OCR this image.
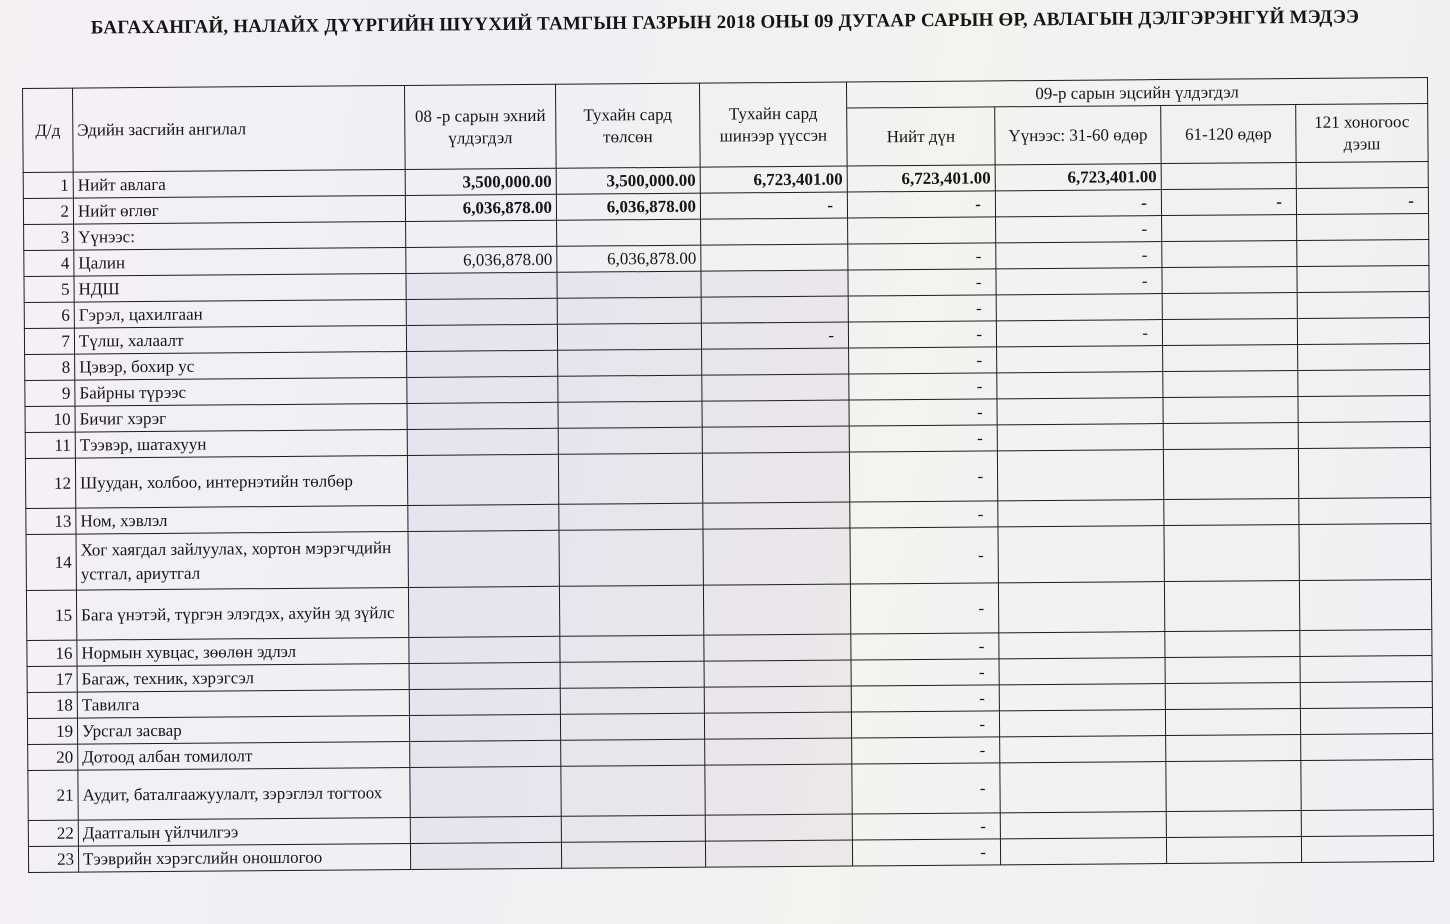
БАГАХАНГАЙ, НАЛАЙХ ДҮҮРГИЙН ШҮҮХИЙ ТАМГЫН ГАЗРЫН 2018 ОНЫ 09 ДУГААР САРЫН ӨР, АВЛАГЫН ДЭЛГЭРЭНГҮЙ МЭДЭЭ
Д/д	Эдийн засгийн ангилал	08 -р сарын эхний үлдэгдэл	Тухайн сард төлсөн	Тухайн сард шинээр үүссэн	09-р сарын эцсийн үлдэгдэл			
					Нийт дүн	Үүнээс: 31-60 өдөр	61-120 өдөр	121 хоногоос дээш
1	Нийт авлага	3,500,000.00	3,500,000.00	6,723,401.00	6,723,401.00	6,723,401.00		
2	Нийт өглөг	6,036,878.00	6,036,878.00	-	-	-	-	-
3	Үүнээс:					-		
4	Цалин	6,036,878.00	6,036,878.00		-	-		
5	НДШ				-	-		
6	Гэрэл, цахилгаан				-			
7	Түлш, халаалт			-	-	-		
8	Цэвэр, бохир ус				-			
9	Байрны түрээс				-			
10	Бичиг хэрэг				-			
11	Тээвэр, шатахуун				-			
12	Шуудан, холбоо, интернэтийн төлбөр				-			
13	Ном, хэвлэл				-			
14	Хог хаягдал зайлуулах, хортон мэрэгчдийн устгал, ариутгал				-			
15	Бага үнэтэй, түргэн элэгдэх, ахуйн эд зүйлс				-			
16	Нормын хувцас, зөөлөн эдлэл				-			
17	Багаж, техник, хэрэгсэл				-			
18	Тавилга				-			
19	Урсгал засвар				-			
20	Дотоод албан томилолт				-			
21	Аудит, баталгаажуулалт, зэрэглэл тогтоох				-			
22	Даатгалын үйлчилгээ				-			
23	Тээврийн хэрэгслийн оношлогоо				-			
